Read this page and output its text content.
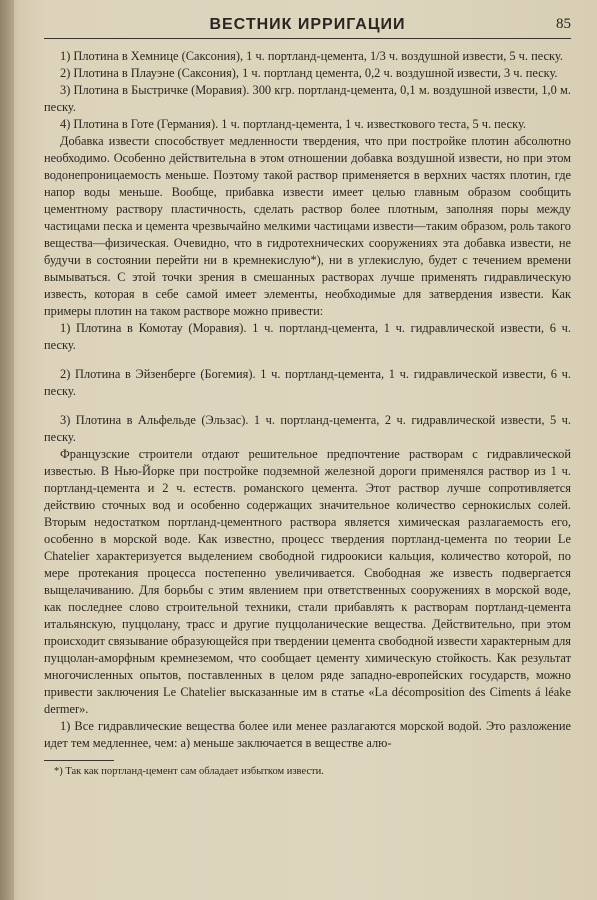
ВЕСТНИК ИРРИГАЦИИ	85

1) Плотина в Хемнице (Саксония), 1 ч. портланд-цемента, 1/3 ч. воздушной извести, 5 ч. песку.

2) Плотина в Плауэне (Саксония), 1 ч. портланд цемента, 0,2 ч. воздушной извести, 3 ч. песку.

3) Плотина в Быстричке (Моравия). 300 кгр. портланд-цемента, 0,1 м. воздушной извести, 1,0 м. песку.

4) Плотина в Готе (Германия). 1 ч. портланд-цемента, 1 ч. известкового теста, 5 ч. песку.

Добавка извести способствует медленности твердения, что при постройке плотин абсолютно необходимо. Особенно действительна в этом отношении добавка воздушной извести, но при этом водонепроницаемость меньше. Поэтому такой раствор применяется в верхних частях плотин, где напор воды меньше. Вообще, прибавка извести имеет целью главным образом сообщить цементному раствору пластичность, сделать раствор более плотным, заполняя поры между частицами песка и цемента чрезвычайно мелкими частицами извести—таким образом, роль такого вещества—физическая. Очевидно, что в гидротехнических сооружениях эта добавка извести, не будучи в состоянии перейти ни в кремнекислую*), ни в углекислую, будет с течением времени вымываться. С этой точки зрения в смешанных растворах лучше применять гидравлическую известь, которая в себе самой имеет элементы, необходимые для затвердения извести. Как примеры плотин на таком растворе можно привести:

1) Плотина в Комотау (Моравия). 1 ч. портланд-цемента, 1 ч. гидравлической извести, 6 ч. песку.

2) Плотина в Эйзенберге (Богемия). 1 ч. портланд-цемента, 1 ч. гидравлической извести, 6 ч. песку.

3) Плотина в Альфельде (Эльзас). 1 ч. портланд-цемента, 2 ч. гидравлической извести, 5 ч. песку.

Французские строители отдают решительное предпочтение растворам с гидравлической известью. В Нью-Йорке при постройке подземной железной дороги применялся раствор из 1 ч. портланд-цемента и 2 ч. естеств. романского цемента. Этот раствор лучше сопротивляется действию сточных вод и особенно содержащих значительное количество сернокислых солей. Вторым недостатком портланд-цементного раствора является химическая разлагаемость его, особенно в морской воде. Как известно, процесс твердения портланд-цемента по теории Le Chatelier характеризуется выделением свободной гидроокиси кальция, количество которой, по мере протекания процесса постепенно увеличивается. Свободная же известь подвергается выщелачиванию. Для борьбы с этим явлением при ответственных сооружениях в морской воде, как последнее слово строительной техники, стали прибавлять к растворам портланд-цемента итальянскую, пуццолану, трасс и другие пуццоланические вещества. Действительно, при этом происходит связывание образующейся при твердении цемента свободной извести характерным для пуццолан-аморфным кремнеземом, что сообщает цементу химическую стойкость. Как результат многочисленных опытов, поставленных в целом ряде западно-европейских государств, можно привести заключения Le Chatelier высказанные им в статье «La décomposition des Ciments á léake dermer».

1) Все гидравлические вещества более или менее разлагаются морской водой. Это разложение идет тем медленнее, чем: а) меньше заключается в веществе алю-

*) Так как портланд-цемент сам обладает избытком извести.
